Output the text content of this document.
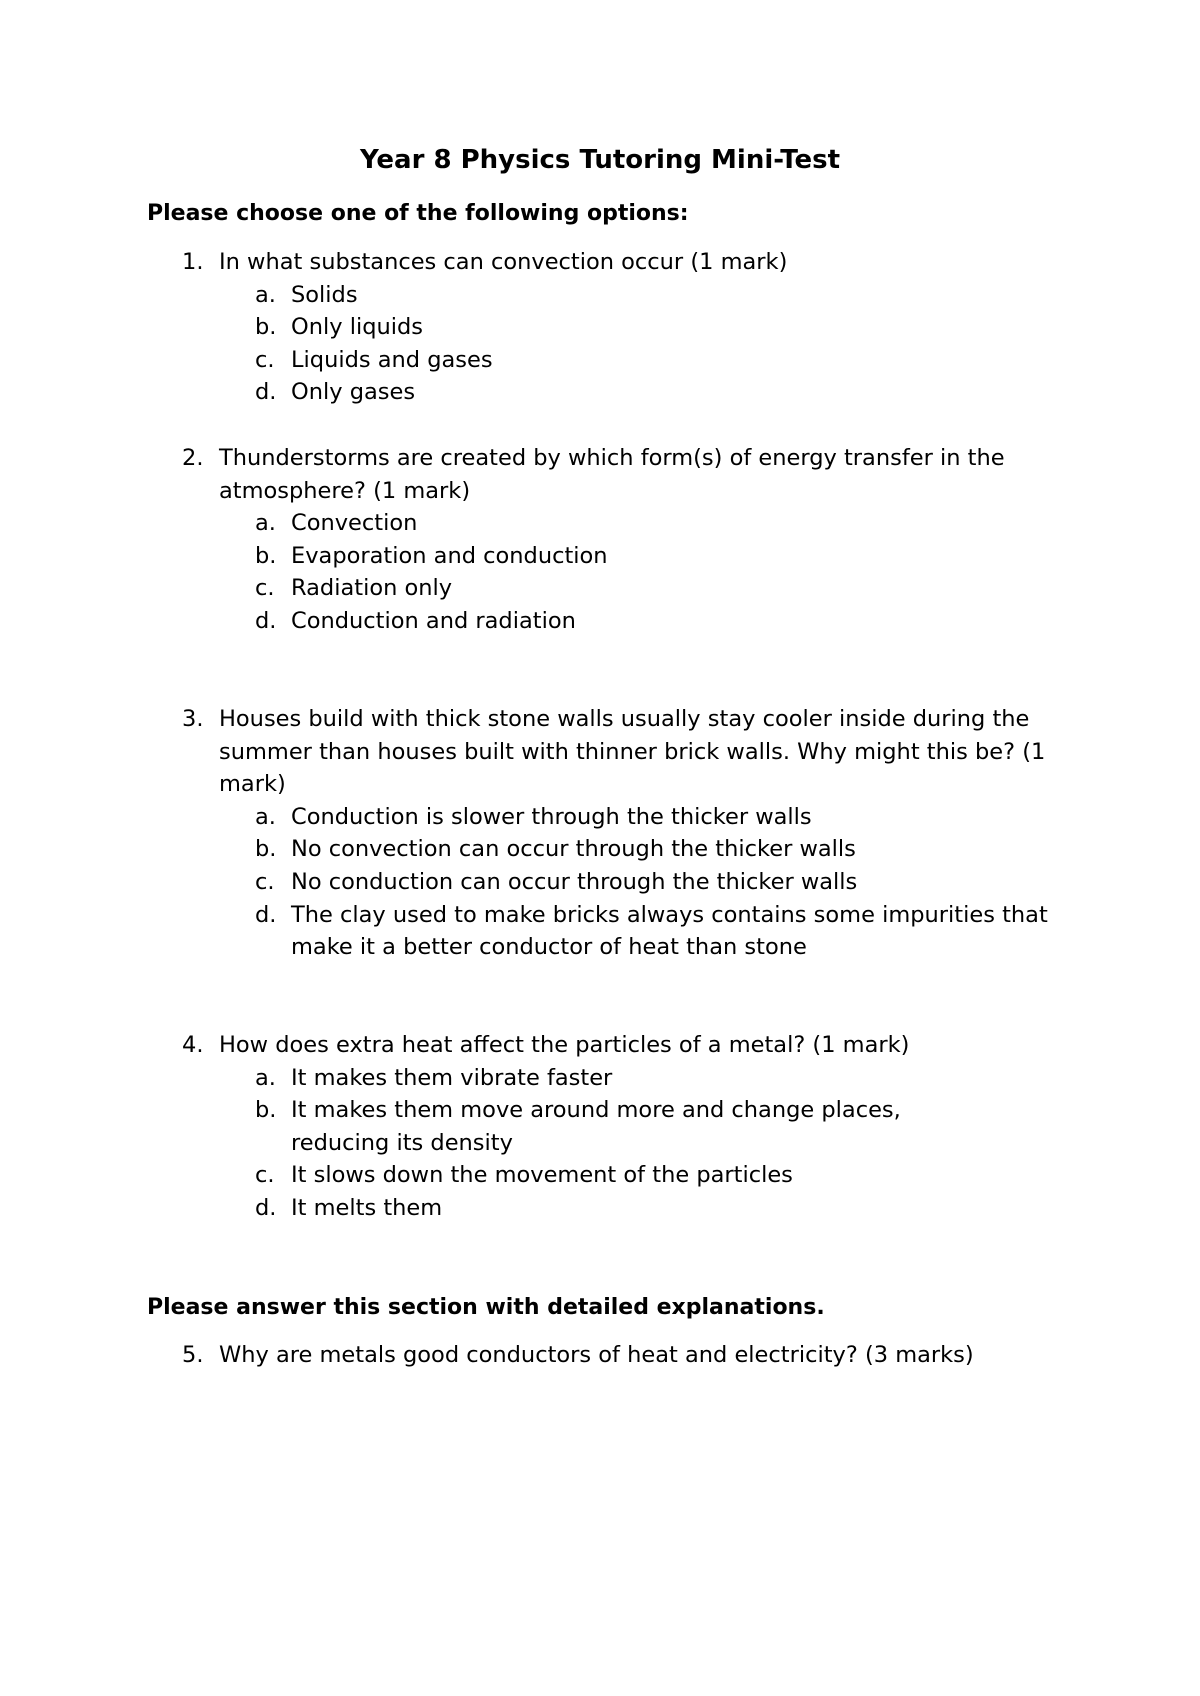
Year 8 Physics Tutoring Mini-Test

Please choose one of the following options:

1. In what substances can convection occur (1 mark)
a. Solids
b. Only liquids
c. Liquids and gases
d. Only gases
2. Thunderstorms are created by which form(s) of energy transfer in the atmosphere? (1 mark)
a. Convection
b. Evaporation and conduction
c. Radiation only
d. Conduction and radiation
3. Houses build with thick stone walls usually stay cooler inside during the summer than houses built with thinner brick walls. Why might this be? (1 mark)
a. Conduction is slower through the thicker walls
b. No convection can occur through the thicker walls
c. No conduction can occur through the thicker walls
d. The clay used to make bricks always contains some impurities that make it a better conductor of heat than stone
4. How does extra heat affect the particles of a metal? (1 mark)
a. It makes them vibrate faster
b. It makes them move around more and change places, reducing its density
c. It slows down the movement of the particles
d. It melts them

Please answer this section with detailed explanations.

5. Why are metals good conductors of heat and electricity? (3 marks)
